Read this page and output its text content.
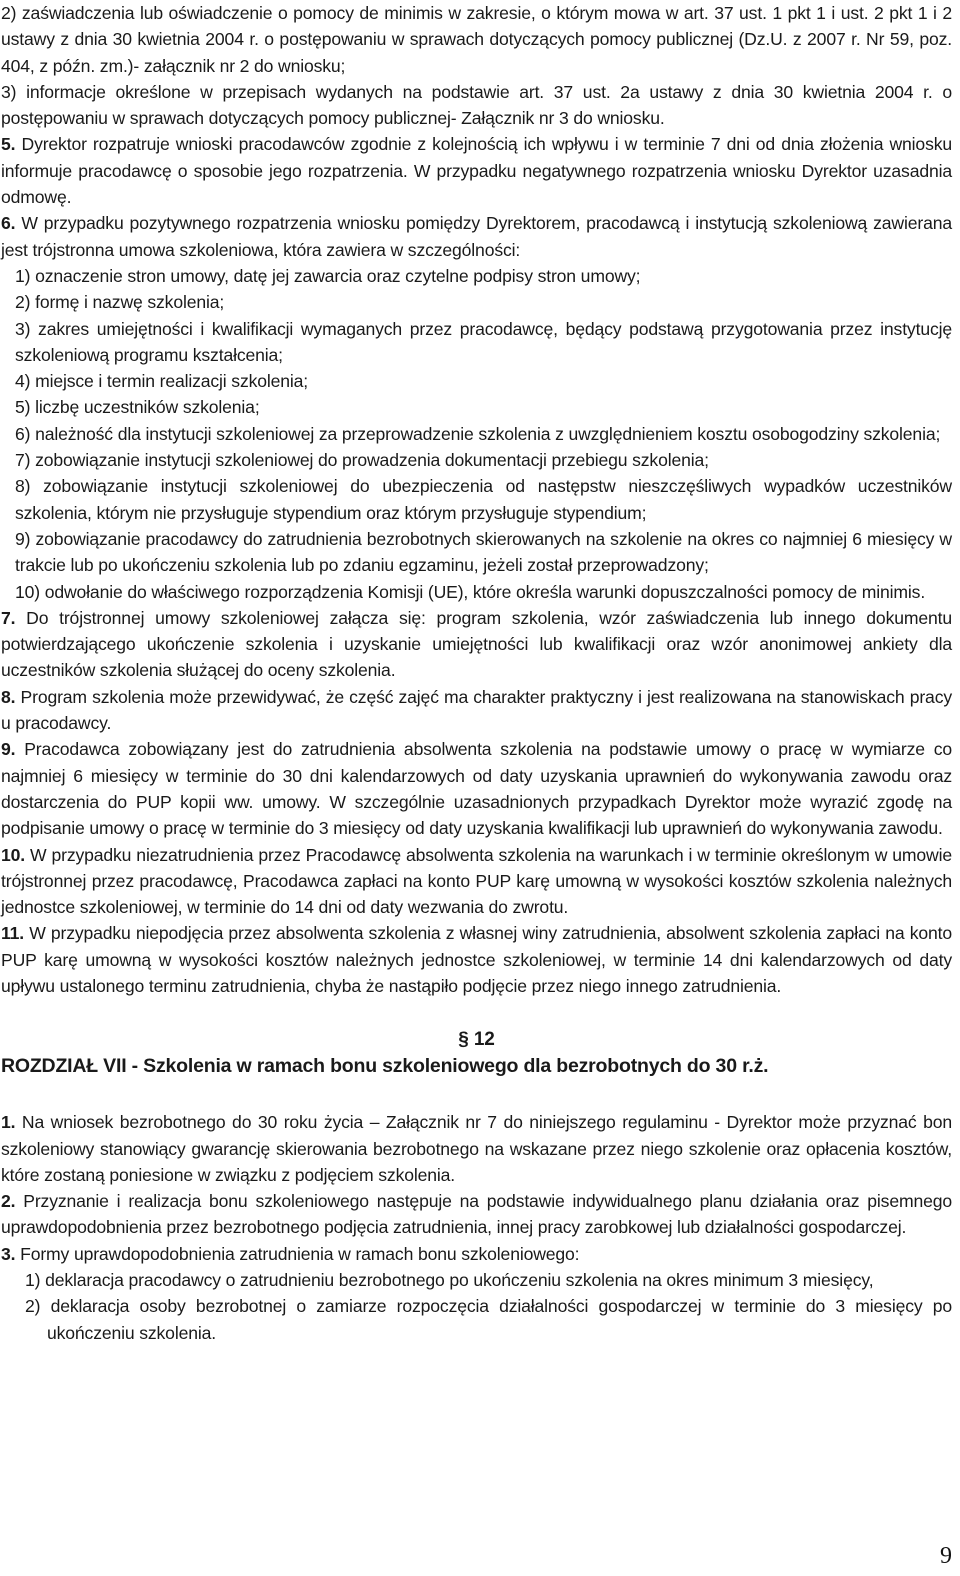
2) zaświadczenia lub oświadczenie o pomocy de minimis w zakresie, o którym mowa w art. 37 ust. 1 pkt 1 i ust. 2 pkt 1 i 2 ustawy z dnia 30 kwietnia 2004 r. o postępowaniu w sprawach dotyczących pomocy publicznej (Dz.U. z 2007 r. Nr 59, poz. 404, z późn. zm.)- załącznik nr 2 do wniosku;

3) informacje określone w przepisach wydanych na podstawie art. 37 ust. 2a ustawy z dnia 30 kwietnia 2004 r. o postępowaniu w sprawach dotyczących pomocy publicznej- Załącznik nr 3 do wniosku.

5. Dyrektor rozpatruje wnioski pracodawców zgodnie z kolejnością ich wpływu i w terminie 7 dni od dnia złożenia wniosku informuje pracodawcę o sposobie jego rozpatrzenia. W przypadku negatywnego rozpatrzenia wniosku Dyrektor uzasadnia odmowę.

6. W przypadku pozytywnego rozpatrzenia wniosku pomiędzy Dyrektorem, pracodawcą i instytucją szkoleniową zawierana jest trójstronna umowa szkoleniowa, która zawiera w szczególności:

1) oznaczenie stron umowy, datę jej zawarcia oraz czytelne podpisy stron umowy;

2) formę i nazwę szkolenia;

3) zakres umiejętności i kwalifikacji wymaganych przez pracodawcę, będący podstawą przygotowania przez instytucję szkoleniową programu kształcenia;

4) miejsce i termin realizacji szkolenia;

5) liczbę uczestników szkolenia;

6) należność dla instytucji szkoleniowej za przeprowadzenie szkolenia z uwzględnieniem kosztu osobogodziny szkolenia;

7) zobowiązanie instytucji szkoleniowej do prowadzenia dokumentacji przebiegu szkolenia;

8) zobowiązanie instytucji szkoleniowej do ubezpieczenia od następstw nieszczęśliwych wypadków uczestników szkolenia, którym nie przysługuje stypendium oraz którym przysługuje stypendium;

9) zobowiązanie pracodawcy do zatrudnienia bezrobotnych skierowanych na szkolenie na okres co najmniej 6 miesięcy w trakcie lub po ukończeniu szkolenia lub po zdaniu egzaminu, jeżeli został przeprowadzony;

10) odwołanie do właściwego rozporządzenia Komisji (UE), które określa warunki dopuszczalności pomocy de minimis.

7. Do trójstronnej umowy szkoleniowej załącza się: program szkolenia, wzór zaświadczenia lub innego dokumentu potwierdzającego ukończenie szkolenia i uzyskanie umiejętności lub kwalifikacji oraz wzór anonimowej ankiety dla uczestników szkolenia służącej do oceny szkolenia.

8. Program szkolenia może przewidywać, że część zajęć ma charakter praktyczny i jest realizowana na stanowiskach pracy u pracodawcy.

9. Pracodawca zobowiązany jest do zatrudnienia absolwenta szkolenia na podstawie umowy o pracę w wymiarze co najmniej 6 miesięcy w terminie do 30 dni kalendarzowych od daty uzyskania uprawnień do wykonywania zawodu oraz dostarczenia do PUP kopii ww. umowy. W szczególnie uzasadnionych przypadkach Dyrektor może wyrazić zgodę na podpisanie umowy o pracę w terminie do 3 miesięcy od daty uzyskania kwalifikacji lub uprawnień do wykonywania zawodu.

10. W przypadku niezatrudnienia przez Pracodawcę absolwenta szkolenia na warunkach i w terminie określonym w umowie trójstronnej przez pracodawcę, Pracodawca zapłaci na konto PUP karę umowną w wysokości kosztów szkolenia należnych jednostce szkoleniowej, w terminie do 14 dni od daty wezwania do zwrotu.

11. W przypadku niepodjęcia przez absolwenta szkolenia z własnej winy zatrudnienia, absolwent szkolenia zapłaci na konto PUP karę umowną w wysokości kosztów należnych jednostce szkoleniowej, w terminie 14 dni kalendarzowych od daty upływu ustalonego terminu zatrudnienia, chyba że nastąpiło podjęcie przez niego innego zatrudnienia.

§ 12

ROZDZIAŁ VII - Szkolenia w ramach bonu szkoleniowego dla bezrobotnych do 30 r.ż.

1. Na wniosek bezrobotnego do 30 roku życia – Załącznik nr 7 do niniejszego regulaminu - Dyrektor może przyznać bon szkoleniowy stanowiący gwarancję skierowania bezrobotnego na wskazane przez niego szkolenie oraz opłacenia kosztów, które zostaną poniesione w związku z podjęciem szkolenia.

2. Przyznanie i realizacja bonu szkoleniowego następuje na podstawie indywidualnego planu działania oraz pisemnego uprawdopodobnienia przez bezrobotnego podjęcia zatrudnienia, innej pracy zarobkowej lub działalności gospodarczej.

3. Formy uprawdopodobnienia zatrudnienia w ramach bonu szkoleniowego:

1) deklaracja pracodawcy o zatrudnieniu bezrobotnego po ukończeniu szkolenia na okres minimum 3 miesięcy,

2) deklaracja osoby bezrobotnej o zamiarze rozpoczęcia działalności gospodarczej w terminie do 3 miesięcy po ukończeniu szkolenia.

9
